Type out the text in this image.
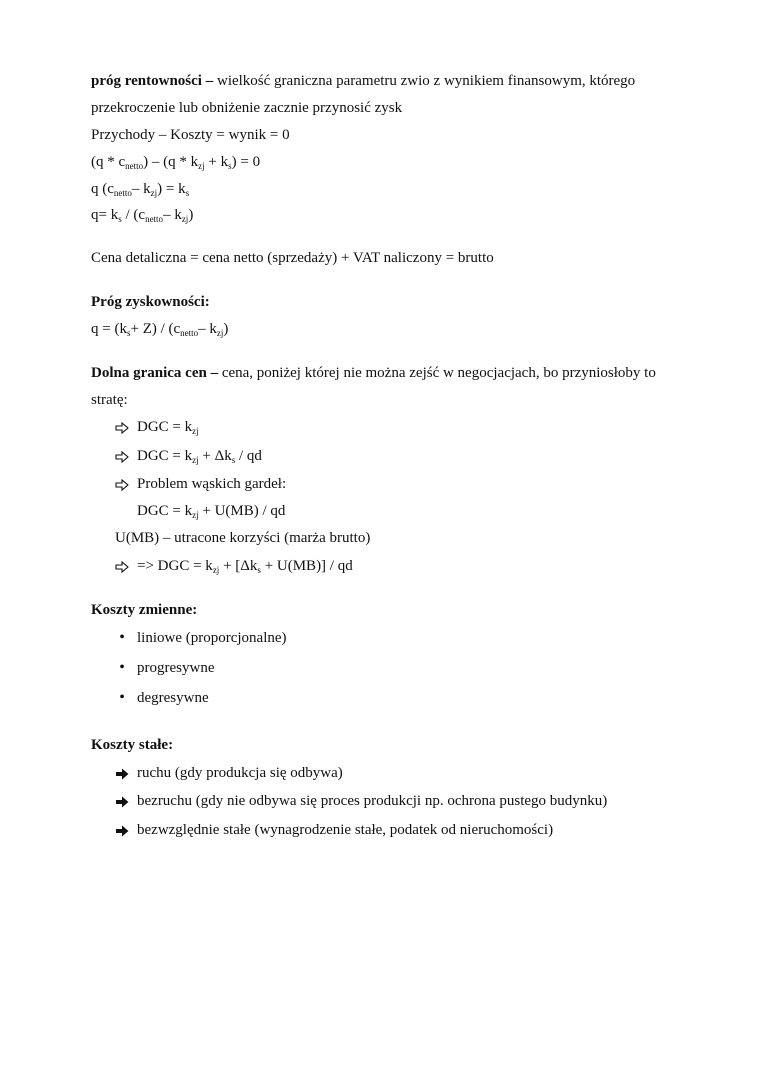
próg rentowności – wielkość graniczna parametru zwio z wynikiem finansowym, którego
przekroczenie lub obniżenie zacznie przynosić zysk
Przychody – Koszty = wynik = 0
$(q * c_{netto}) - (q * k_{zj} + k_s) = 0$
q ($c_{netto}-$ $k_{zj}) = k_s$
$q= k_s / (c_{netto}-$ $k_{zj}$)
Cena detaliczna = cena netto (sprzedaży) + VAT naliczony = brutto
Próg zyskowności:
$q = (k_s+ Z) / (c_{netto}-$ $k_{zj}$)
Dolna granica cen – cena, poniżej której nie można zejść w negocjacjach, bo przyniosłoby to
stratę:
DGC = $k_{zj}$
DGC = $k_{zj} + \Delta k_s$ / qd
Problem wąskich gardeł:
DGC = $k_{zj} + U(MB)$ / qd
U(MB) – utracone korzyści (marża brutto)
=> DGC = $k_{zj} + [\Delta k_s + U(MB)]$ / qd
Koszty zmienne:
• liniowe (proporcjonalne)
• progresywne
• degresywne
Koszty stałe:
ruchu (gdy produkcja się odbywa)
bezruchu (gdy nie odbywa się proces produkcji np. ochrona pustego budynku)
bezwzględnie stałe (wynagrodzenie stałe, podatek od nieruchomości)
